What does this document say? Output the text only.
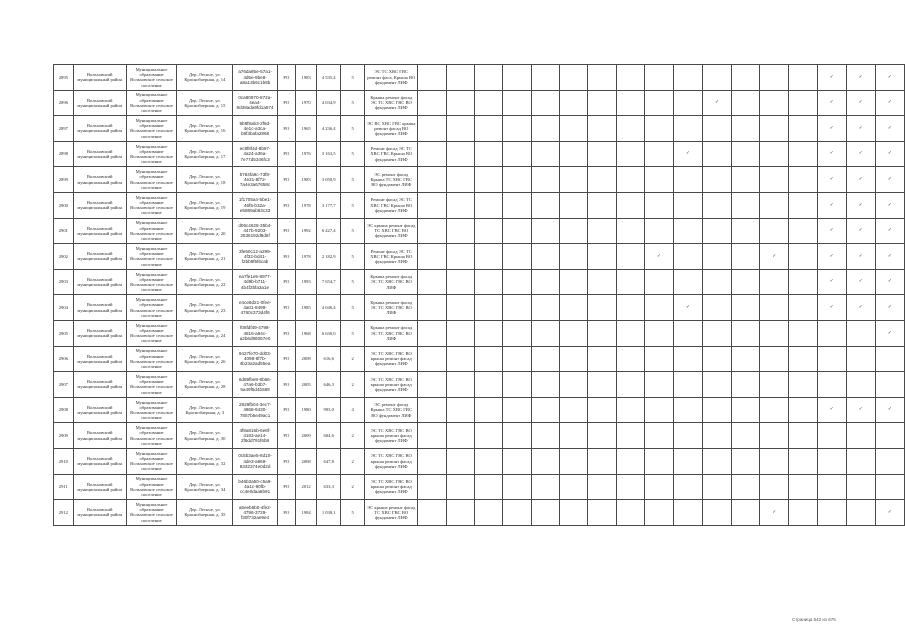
2895	Вольховский муниципальный район	Муниципальное образование Вольховское сельское поселение	Дер. Лесное, ул. Краснобаерная, д. 14	a76da85e-57a1-4d5e-9be8-a8a13b6c1b8b	РО	1983	4 535,4	5	ЭС ТС ХВС ГВС ремонт фаса, Крыша ВО фундамент ЛИФ															✓	✓	✓
2896	Вольховский муниципальный район	Муниципальное образование Вольховское сельское поселение	Дер. Лесное, ул. Краснобаерная, д. 15	0ca80970-872a-4ea4-9d38ada9fd1a574	РО	1970	4 034,9	5	Крыша ремонт фасад ЭС ТС ХВС ГВС ВО фундамент ЛИФ											✓				✓	✓	✓
2897	Вольховский муниципальный район	Муниципальное образование Вольховское сельское поселение	Дер. Лесное, ул. Краснобаерная, д. 16	9b8f8ab3-2f6d-4e1c-a3ca-b9f3bafa2868	РО	1965	4 236,4	5	ЭС ВС ХВС ГВС крыша ремонт фасад ВО фундамент ЛИФ															✓	✓	✓
2898	Вольховский муниципальный район	Муниципальное образование Вольховское сельское поселение	Дер. Лесное, ул. Краснобаерная, д. 17	ec8f8f4d-8b67-4a24-a36a-7e77d5346fc3	РО	1976	3 163,5	5	Ремонт фасад ЭС ТС ХВС ГВС Крыша ВО фундамент ЛИФ										✓					✓	✓	✓
2899	Вольховский муниципальный район	Муниципальное образование Вольховское сельское поселение	Дер. Лесное, ул. Краснобаерная, д. 18	5784fa9c-73f8-4e31-8f72-7a4e3a67658c	РО	1983	3 050,9	5	ЭС ремонт фасад Крыша ТС ХВС ГВС ВО фундамент ЛИФ															✓	✓	✓
2900	Вольховский муниципальный район	Муниципальное образование Вольховское сельское поселение	Дер. Лесное, ул. Краснобаерная, д. 19	1f1705a4-5be1-46f5-b32a-e5989ab83c33	РО	1978	3 177,7	5	Ремонт фасад ЭС ТС ХВС ГВС Крыша ВО фундамент ЛИФ															✓	✓	✓
2901	Вольховский муниципальный район	Муниципальное образование Вольховское сельское поселение	Дер. Лесное, ул. Краснобаерная, д. 20	d06c4628-35b4-447b-9203-2536192d8d5f	РО	1992	6 427,4	5	ЭС крыша ремонт фасад ТС ХВС ГВС ВО фундамент ЛИФ															✓	✓	✓
2902	Вольховский муниципальный район	Муниципальное образование Вольховское сельское поселение	Дер. Лесное, ул. Краснобаерная, д. 21	3fe60c12-a299-4f32-bd41-f2bb9f5f6cab	РО	1978	2 182,9	5	Ремонт фасад ЭС ТС ХВС ГВС Крыша ВО фундамент ЛИФ									✓				✓		✓	✓	✓
2903	Вольховский муниципальный район	Муниципальное образование Вольховское сельское поселение	Дер. Лесное, ул. Краснобаерная, д. 22	ea7fe1e5-8977-4d9b-b711-4b4f25fa3a1e	РО	1993	7 654,7	5	Крыша ремонт фасад ЭС ТС ХВС ГВС ВО ЛИФ															✓	✓	✓
2904	Вольховский муниципальный район	Муниципальное образование Вольховское сельское поселение	Дер. Лесное, ул. Краснобаерная, д. 23	e4ce8d21-0fee-4a01-8499-4760c373d4f6	РО	1985	4 046,4	5	Крыша ремонт фасад ЭС ТС ХВС ГВС ВО ЛИФ										✓					✓	✓	✓
2905	Вольховский муниципальный район	Муниципальное образование Вольховское сельское поселение	Дер. Лесное, ул. Краснобаерная, д. 24	f08fdf49-4798-4815-a94c-a2b6d96057e0	РО	1968	6 630,0	5	Крыша ремонт фасад ЭС ТС ХВС ГВС ВО ЛИФ																	✓
2906	Вольховский муниципальный район	Муниципальное образование Вольховское сельское поселение	Дер. Лесное, ул. Краснобаерная, д. 26	9427fe70-dd03-4098-8f7b-4b23a2ad55ea	РО	2008	616,6	2	ЭС ТС ХВС ГВС ВО крыша ремонт фасад фундамент ЛИФ																	
2907	Вольховский муниципальный район	Муниципальное образование Вольховское сельское поселение	Дер. Лесное, ул. Краснобаерная, д. 28	6d89fbe8-8b66-47a6-b3b7-5a49f5d4b589	РО	2005	646,3	2	ЭС ТС ХВС ГВС ВО крыша ремонт фасад фундамент ЛИФ																	
2908	Вольховский муниципальный район	Муниципальное образование Вольховское сельское поселение	Дер. Лесное, ул. Краснобаерная, д. 3	2829fb04-3ec7-4868-9430-7857b6e49ac1	РО	1980	993,0	4	ЭС ремонт фасад Крыша ТС ХВС ГВС ВО фундамент ЛИФ															✓	✓	✓
2909	Вольховский муниципальный район	Муниципальное образование Вольховское сельское поселение	Дер. Лесное, ул. Краснобаерная, д. 30	4f9a816b-6e8f-4183-ae14-2f8dd791f6b8	РО	2009	604,6	2	ЭС ТС ХВС ГВС ВО крыша ремонт фасад фундамент ЛИФ																	
2910	Вольховский муниципальный район	Муниципальное образование Вольховское сельское поселение	Дер. Лесное, ул. Краснобаерная, д. 32	0c5b3ae5-8d10-4de3-a869-8332374e0d2d	РО	2008	647,8	2	ЭС ТС ХВС ГВС ВО крыша ремонт фасад фундамент ЛИФ																	
2911	Вольховский муниципальный район	Муниципальное образование Вольховское сельское поселение	Дер. Лесное, ул. Краснобаерная, д. 34	b46b3a50-c5a9-4a1c-90fb-cc4e0daa6b91	РО	2012	633,3	2	ЭС ТС ХВС ГВС ВО крыша ремонт фасад фундамент ЛИФ																	
2912	Вольховский муниципальный район	Муниципальное образование Вольховское сельское поселение	Дер. Лесное, ул. Краснобаерная, д. 35	a5eeb6b0-4fe2-4796-3729-f30f732ae9e4	РО	1984	1 038,1	5	ЭС крыша ремонт фасад ТС ХВС ГВС ВО фундамент ЛИФ													✓				✓
Страница 542 из 676
